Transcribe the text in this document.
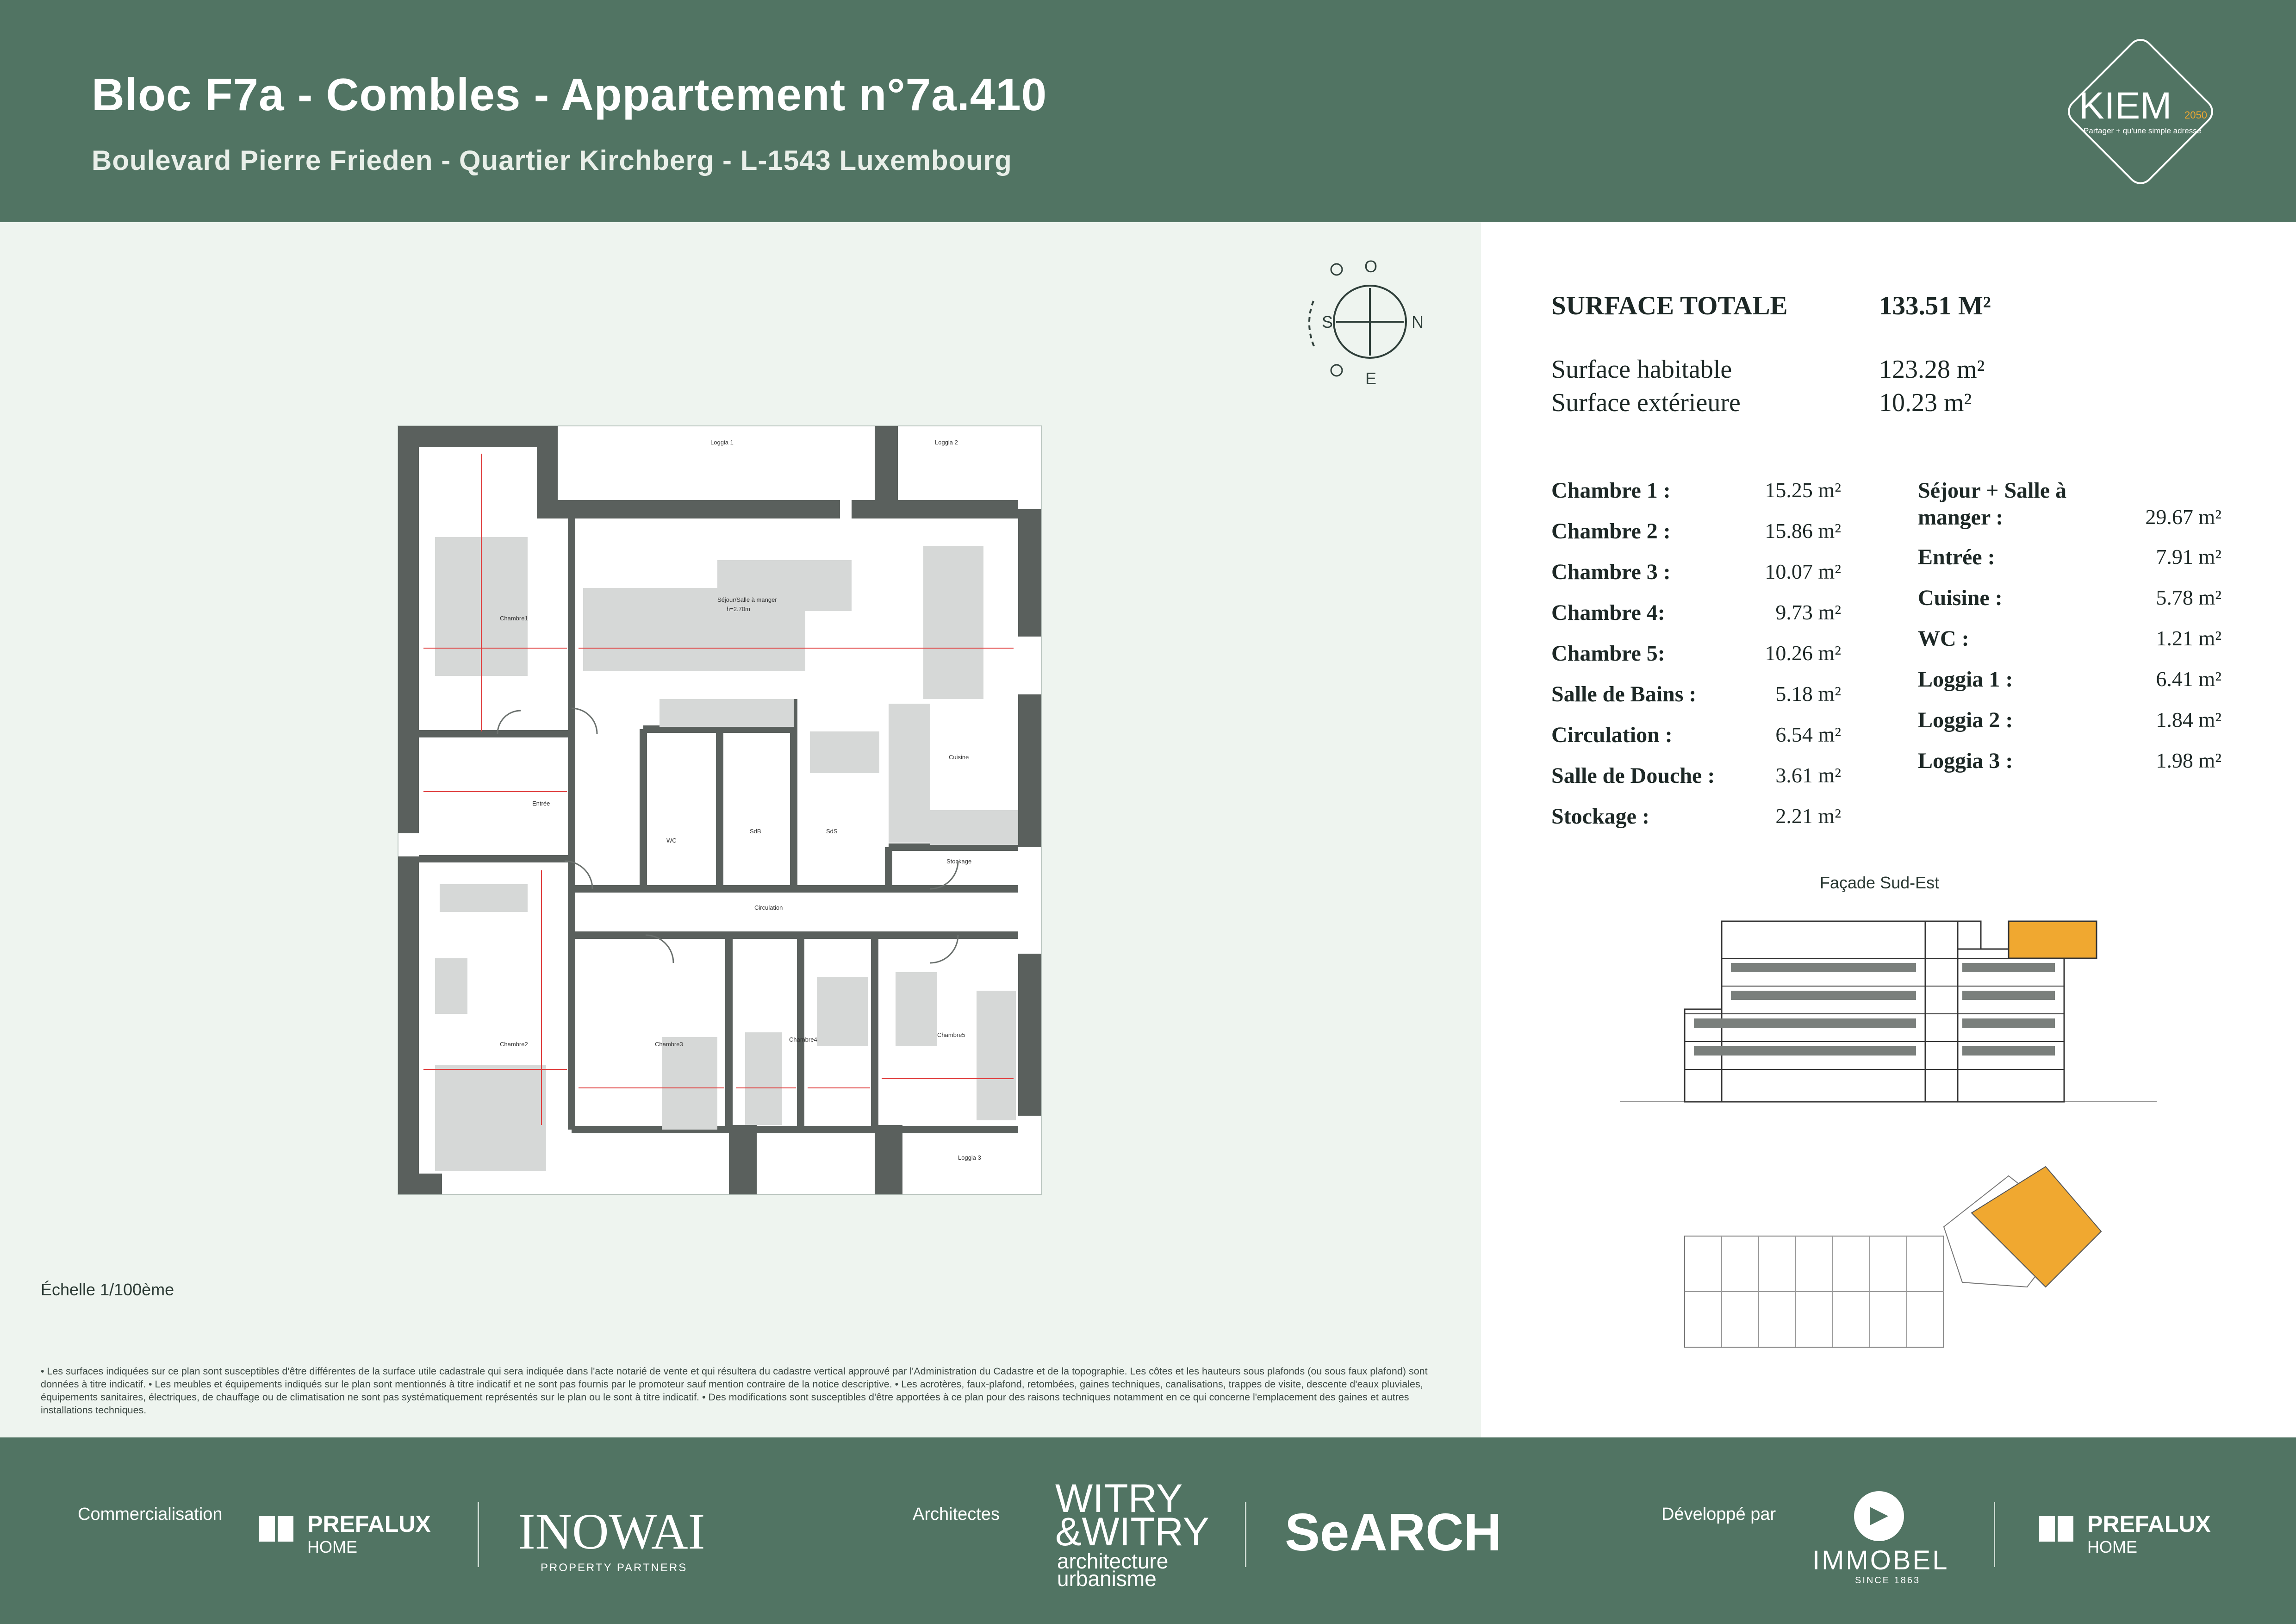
Bloc F7a - Combles - Appartement n°7a.410
Boulevard Pierre Frieden - Quartier Kirchberg - L-1543 Luxembourg
KIEM 2050
Partager + qu'une simple adresse
O
N
S
E
Séjour/Salle à manger
h=2.70m
Chambre1
Chambre2	Chambre3
Chambre4
Chambre5
Cuisine
Entrée
Circulation
Stockage
WC
SdB	SdS
Loggia 1	Loggia 2
Loggia 3
Échelle 1/100ème
• Les surfaces indiquées sur ce plan sont susceptibles d'être différentes de la surface utile cadastrale qui sera indiquée dans l'acte notarié de vente et qui résultera du cadastre vertical approuvé par l'Administration du Cadastre et de la topographie. Les côtes et les hauteurs sous plafonds (ou sous faux plafond) sont données à titre indicatif. • Les meubles et équipements indiqués sur le plan sont mentionnés à titre indicatif et ne sont pas fournis par le promoteur sauf mention contraire de la notice descriptive. • Les acrotères, faux-plafond, retombées, gaines techniques, canalisations, trappes de visite, descente d'eaux pluviales, équipements sanitaires, électriques, de chauffage ou de climatisation ne sont pas systématiquement représentés sur le plan ou le sont à titre indicatif. • Des modifications sont susceptibles d'être apportées à ce plan pour des raisons techniques notamment en ce qui concerne l'emplacement des gaines et autres installations techniques.
SURFACE TOTALE	133.51 M²
Surface habitable	123.28 m²
Surface extérieure	10.23 m²
Chambre 1 :	15.25 m²
Chambre 2 :	15.86 m²
Chambre 3 :	10.07 m²
Chambre 4:	9.73 m²
Chambre 5:	10.26 m²
Salle de Bains :	5.18 m²
Circulation :	6.54 m²
Salle de Douche :	3.61 m²
Stockage :	2.21 m²
Séjour + Salle à
manger :	29.67 m²
Entrée :	7.91 m²
Cuisine :	5.78 m²
WC :	1.21 m²
Loggia 1 :	6.41 m²
Loggia 2 :	1.84 m²
Loggia 3 :	1.98 m²
Façade Sud-Est
Commercialisation	PREFALUX
HOME	INOWAI
PROPERTY PARTNERS
Architectes WITRY
&WITRY
architecture
urbanisme
SeARCH	Développé par
IMMOBEL
SINCE 1863
PREFALUX
HOME
